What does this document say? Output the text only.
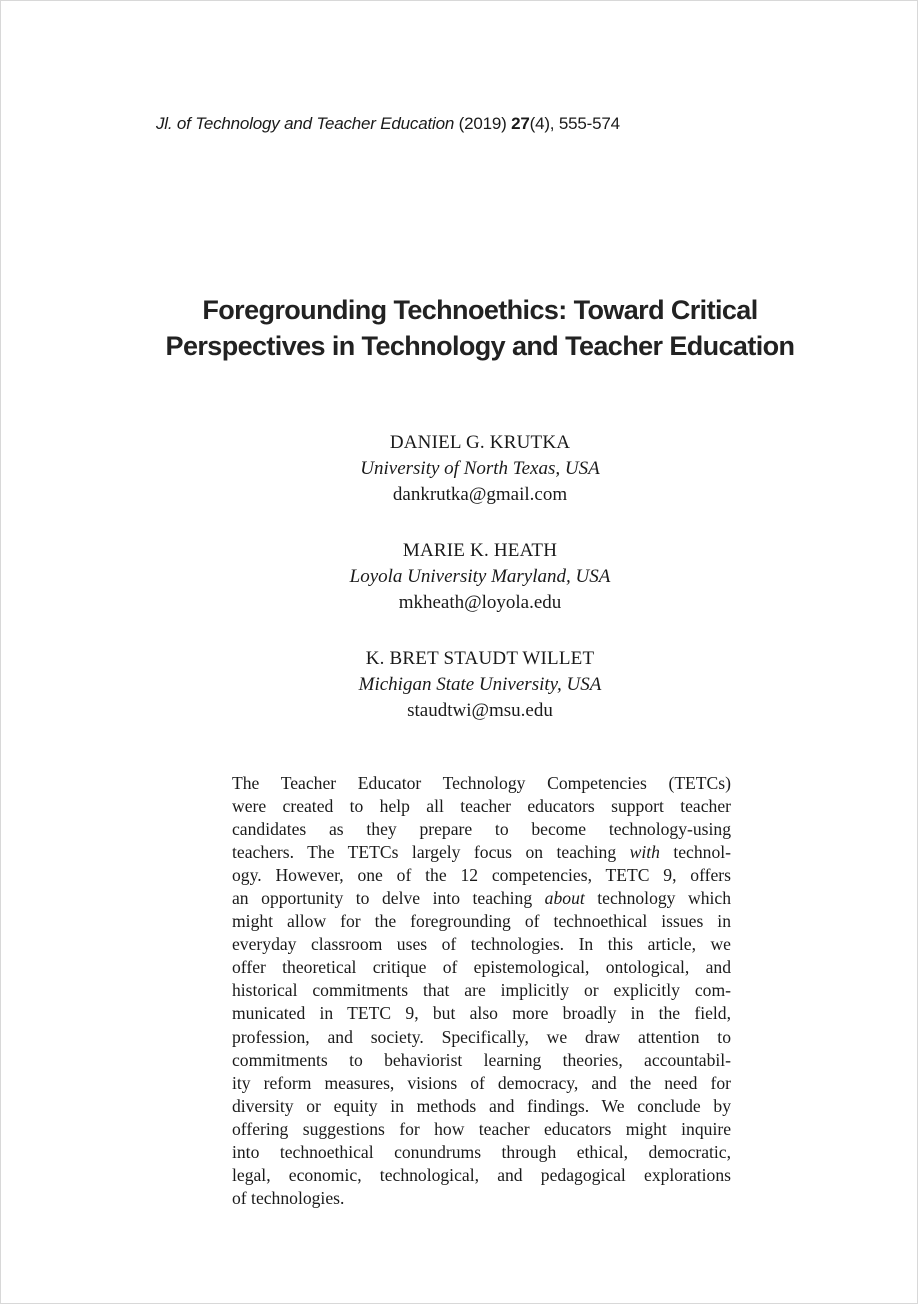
Jl. of Technology and Teacher Education (2019) 27(4), 555-574
Foregrounding Technoethics: Toward Critical
Perspectives in Technology and Teacher Education
DANIEL G. KRUTKA
University of North Texas, USA
dankrutka@gmail.com
MARIE K. HEATH
Loyola University Maryland, USA
mkheath@loyola.edu
K. BRET STAUDT WILLET
Michigan State University, USA
staudtwi@msu.edu
The Teacher Educator Technology Competencies (TETCs)
were created to help all teacher educators support teacher
candidates as they prepare to become technology-using
teachers. The TETCs largely focus on teaching with technol-
ogy. However, one of the 12 competencies, TETC 9, offers
an opportunity to delve into teaching about technology which
might allow for the foregrounding of technoethical issues in
everyday classroom uses of technologies. In this article, we
offer theoretical critique of epistemological, ontological, and
historical commitments that are implicitly or explicitly com-
municated in TETC 9, but also more broadly in the field,
profession, and society. Specifically, we draw attention to
commitments to behaviorist learning theories, accountabil-
ity reform measures, visions of democracy, and the need for
diversity or equity in methods and findings. We conclude by
offering suggestions for how teacher educators might inquire
into technoethical conundrums through ethical, democratic,
legal, economic, technological, and pedagogical explorations
of technologies.
